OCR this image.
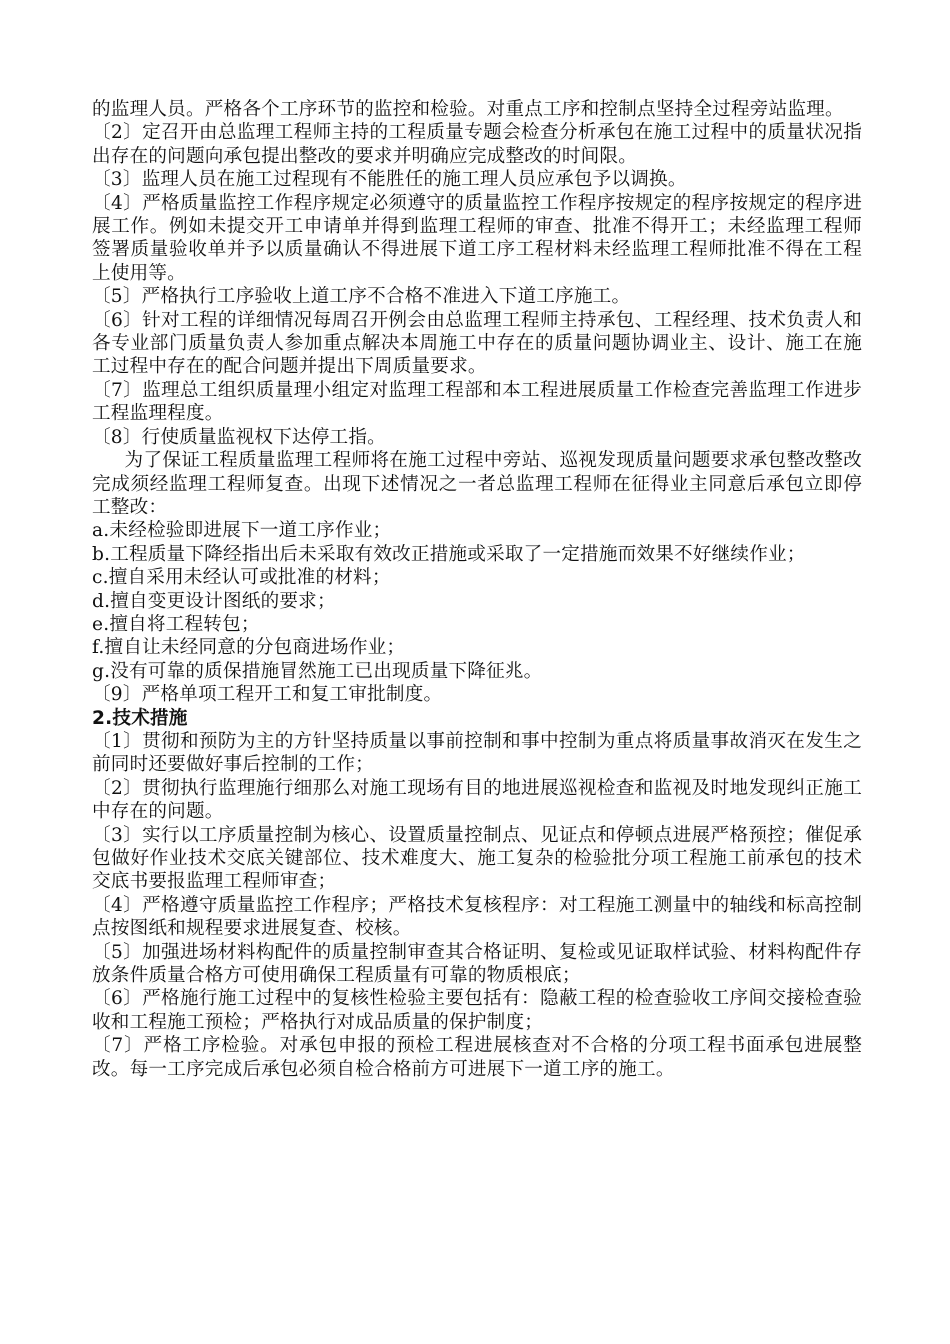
的监理人员。严格各个工序环节的监控和检验。对重点工序和控制点坚持全过程旁站监理。

〔2〕定召开由总监理工程师主持的工程质量专题会检查分析承包在施工过程中的质量状况指出存在的问题向承包提出整改的要求并明确应完成整改的时间限。

〔3〕监理人员在施工过程现有不能胜任的施工理人员应承包予以调换。

〔4〕严格质量监控工作程序规定必须遵守的质量监控工作程序按规定的程序按规定的程序进展工作。例如未提交开工申请单并得到监理工程师的审查、批准不得开工；未经监理工程师签署质量验收单并予以质量确认不得进展下道工序工程材料未经监理工程师批准不得在工程上使用等。

〔5〕严格执行工序验收上道工序不合格不准进入下道工序施工。

〔6〕针对工程的详细情况每周召开例会由总监理工程师主持承包、工程经理、技术负责人和各专业部门质量负责人参加重点解决本周施工中存在的质量问题协调业主、设计、施工在施工过程中存在的配合问题并提出下周质量要求。

〔7〕监理总工组织质量理小组定对监理工程部和本工程进展质量工作检查完善监理工作进步工程监理程度。

〔8〕行使质量监视权下达停工指。

为了保证工程质量监理工程师将在施工过程中旁站、巡视发现质量问题要求承包整改整改完成须经监理工程师复查。出现下述情况之一者总监理工程师在征得业主同意后承包立即停工整改：

a.未经检验即进展下一道工序作业；

b.工程质量下降经指出后未采取有效改正措施或采取了一定措施而效果不好继续作业；

c.擅自采用未经认可或批准的材料；

d.擅自变更设计图纸的要求；

e.擅自将工程转包；

f.擅自让未经同意的分包商进场作业；

g.没有可靠的质保措施冒然施工已出现质量下降征兆。

〔9〕严格单项工程开工和复工审批制度。

2.技术措施

〔1〕贯彻和预防为主的方针坚持质量以事前控制和事中控制为重点将质量事故消灭在发生之前同时还要做好事后控制的工作；

〔2〕贯彻执行监理施行细那么对施工现场有目的地进展巡视检查和监视及时地发现纠正施工中存在的问题。

〔3〕实行以工序质量控制为核心、设置质量控制点、见证点和停顿点进展严格预控；催促承包做好作业技术交底关键部位、技术难度大、施工复杂的检验批分项工程施工前承包的技术交底书要报监理工程师审查；

〔4〕严格遵守质量监控工作程序；严格技术复核程序：对工程施工测量中的轴线和标高控制点按图纸和规程要求进展复查、校核。

〔5〕加强进场材料构配件的质量控制审查其合格证明、复检或见证取样试验、材料构配件存放条件质量合格方可使用确保工程质量有可靠的物质根底；

〔6〕严格施行施工过程中的复核性检验主要包括有：隐蔽工程的检查验收工序间交接检查验收和工程施工预检；严格执行对成品质量的保护制度；

〔7〕严格工序检验。对承包申报的预检工程进展核查对不合格的分项工程书面承包进展整改。每一工序完成后承包必须自检合格前方可进展下一道工序的施工。
